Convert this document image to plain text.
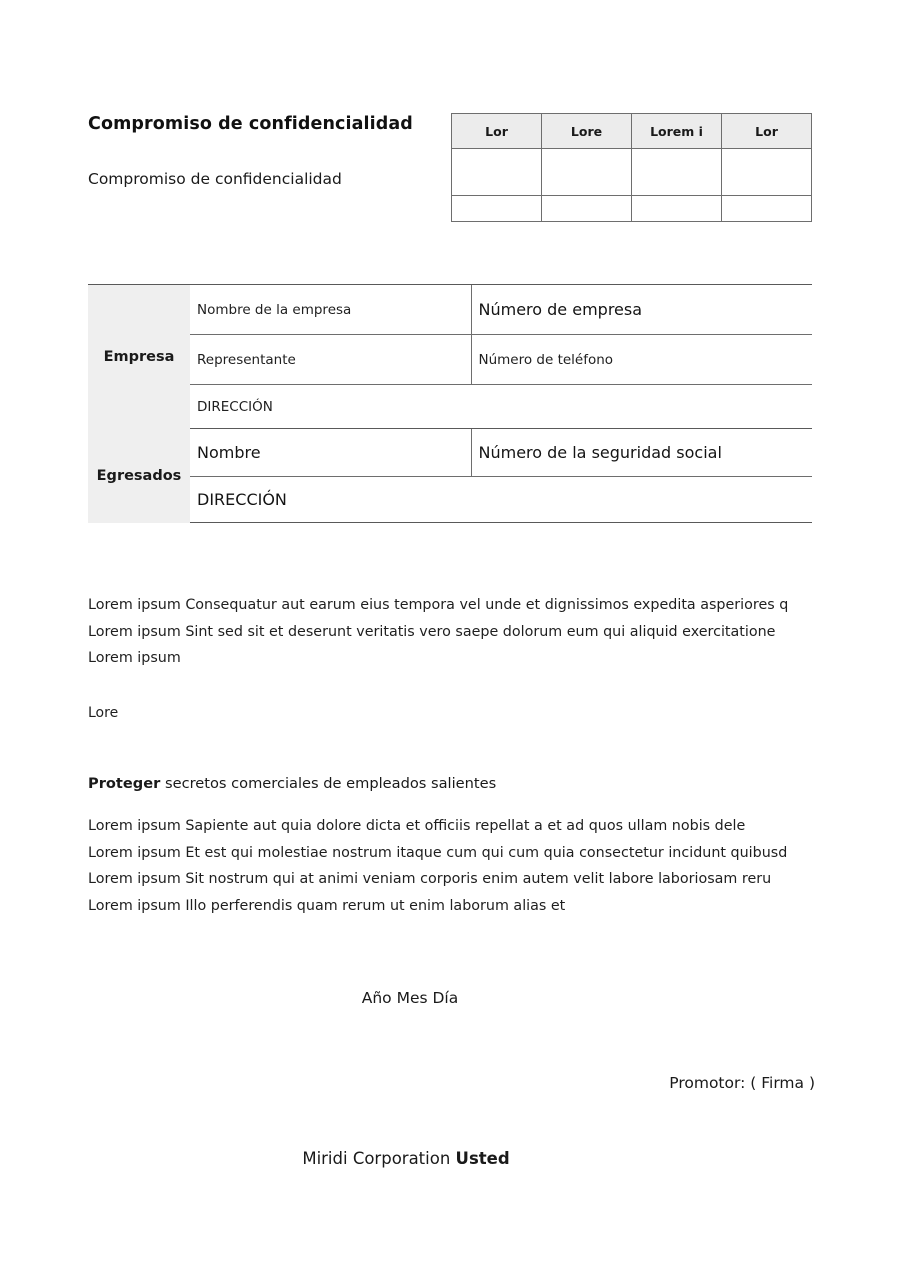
Compromiso de confidencialidad
Compromiso de confidencialidad
Lor	Lore	Lorem i	Lor

Empresa	Nombre de la empresa	Número de empresa
	Representante	Número de teléfono
	DIRECCIÓN	
Egresados	Nombre	Número de la seguridad social
	DIRECCIÓN	
Lorem ipsum Consequatur aut earum eius tempora vel unde et dignissimos expedita asperiores q
Lorem ipsum Sint sed sit et deserunt veritatis vero saepe dolorum eum qui aliquid exercitatione
Lorem ipsum
Lore
Proteger secretos comerciales de empleados salientes
Lorem ipsum Sapiente aut quia dolore dicta et officiis repellat a et ad quos ullam nobis dele
Lorem ipsum Et est qui molestiae nostrum itaque cum qui cum quia consectetur incidunt quibusd
Lorem ipsum Sit nostrum qui at animi veniam corporis enim autem velit labore laboriosam reru
Lorem ipsum Illo perferendis quam rerum ut enim laborum alias et
Año Mes Día
Promotor: ( Firma )
Miridi Corporation Usted
